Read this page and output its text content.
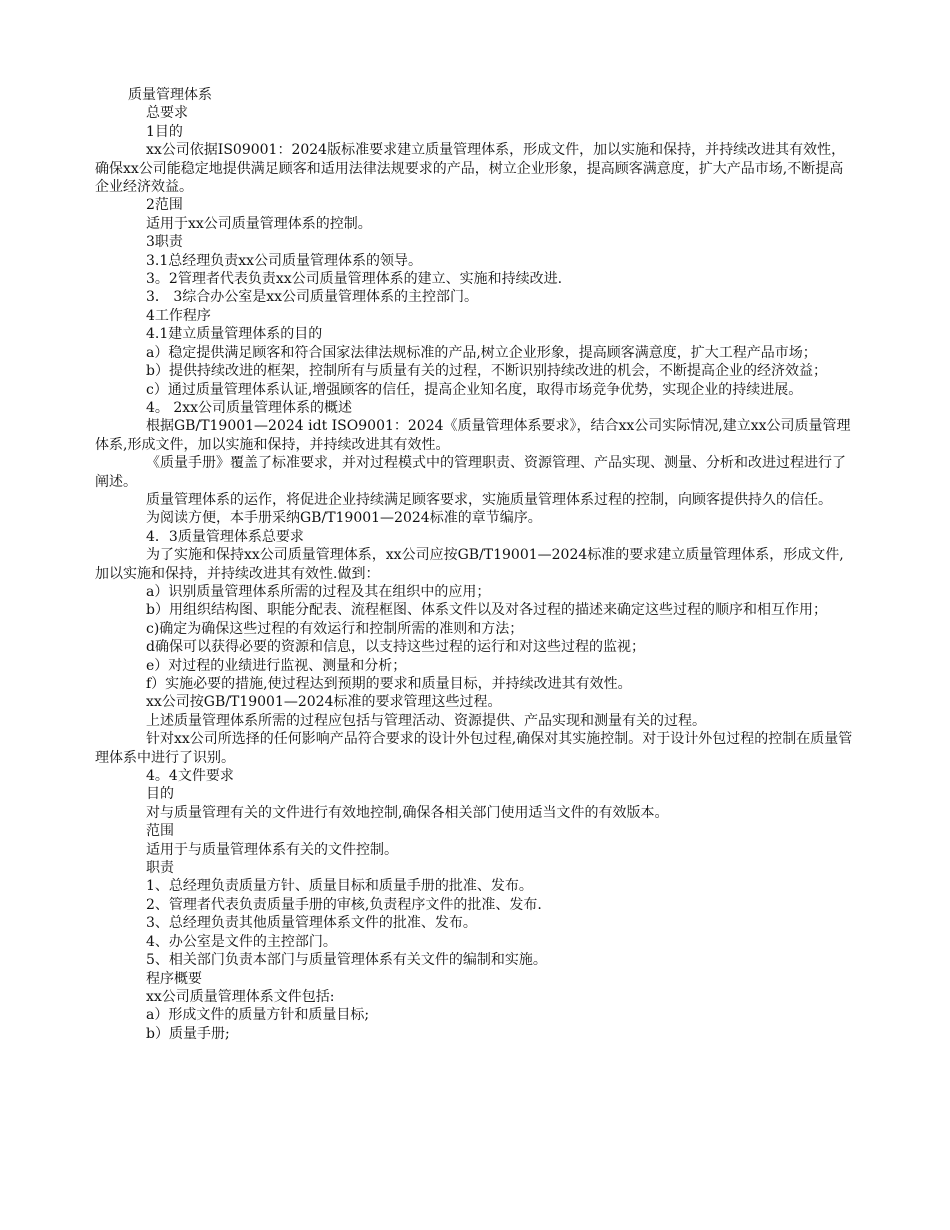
质量管理体系
总要求
1目的
xx公司依据IS09001：2024版标准要求建立质量管理体系，形成文件，加以实施和保持，并持续改进其有效性，确保xx公司能稳定地提供满足顾客和适用法律法规要求的产品，树立企业形象，提高顾客满意度，扩大产品市场,不断提高企业经济效益。
2范围
适用于xx公司质量管理体系的控制。
3职责
3.1总经理负责xx公司质量管理体系的领导。
3。2管理者代表负责xx公司质量管理体系的建立、实施和持续改进.
3． 3综合办公室是xx公司质量管理体系的主控部门。
4工作程序
4.1建立质量管理体系的目的
a）稳定提供满足顾客和符合国家法律法规标准的产品,树立企业形象，提高顾客满意度，扩大工程产品市场；
b）提供持续改进的框架，控制所有与质量有关的过程，不断识别持续改进的机会，不断提高企业的经济效益；
c）通过质量管理体系认证,增强顾客的信任，提高企业知名度，取得市场竞争优势，实现企业的持续进展。
4。 2xx公司质量管理体系的概述
根据GB/T19001—2024 idt ISO9001：2024《质量管理体系要求》，结合xx公司实际情况,建立xx公司质量管理体系,形成文件，加以实施和保持，并持续改进其有效性。
《质量手册》覆盖了标准要求，并对过程模式中的管理职责、资源管理、产品实现、测量、分析和改进过程进行了阐述。
质量管理体系的运作，将促进企业持续满足顾客要求，实施质量管理体系过程的控制，向顾客提供持久的信任。
为阅读方便，本手册采纳GB/T19001—2024标准的章节编序。
4．3质量管理体系总要求
为了实施和保持xx公司质量管理体系，xx公司应按GB/T19001—2024标准的要求建立质量管理体系，形成文件,加以实施和保持，并持续改进其有效性.做到：
a）识别质量管理体系所需的过程及其在组织中的应用；
b）用组织结构图、职能分配表、流程框图、体系文件以及对各过程的描述来确定这些过程的顺序和相互作用；
c)确定为确保这些过程的有效运行和控制所需的准则和方法；
d确保可以获得必要的资源和信息，以支持这些过程的运行和对这些过程的监视；
e）对过程的业绩进行监视、测量和分析；
f）实施必要的措施,使过程达到预期的要求和质量目标，并持续改进其有效性。
xx公司按GB/T19001—2024标准的要求管理这些过程。
上述质量管理体系所需的过程应包括与管理活动、资源提供、产品实现和测量有关的过程。
针对xx公司所选择的任何影响产品符合要求的设计外包过程,确保对其实施控制。对于设计外包过程的控制在质量管理体系中进行了识别。
4。4文件要求
目的
对与质量管理有关的文件进行有效地控制,确保各相关部门使用适当文件的有效版本。
范围
适用于与质量管理体系有关的文件控制。
职责
1、总经理负责质量方针、质量目标和质量手册的批准、发布。
2、管理者代表负责质量手册的审核,负责程序文件的批准、发布.
3、总经理负责其他质量管理体系文件的批准、发布。
4、办公室是文件的主控部门。
5、相关部门负责本部门与质量管理体系有关文件的编制和实施。
程序概要
xx公司质量管理体系文件包括:
a）形成文件的质量方针和质量目标;
b）质量手册;
